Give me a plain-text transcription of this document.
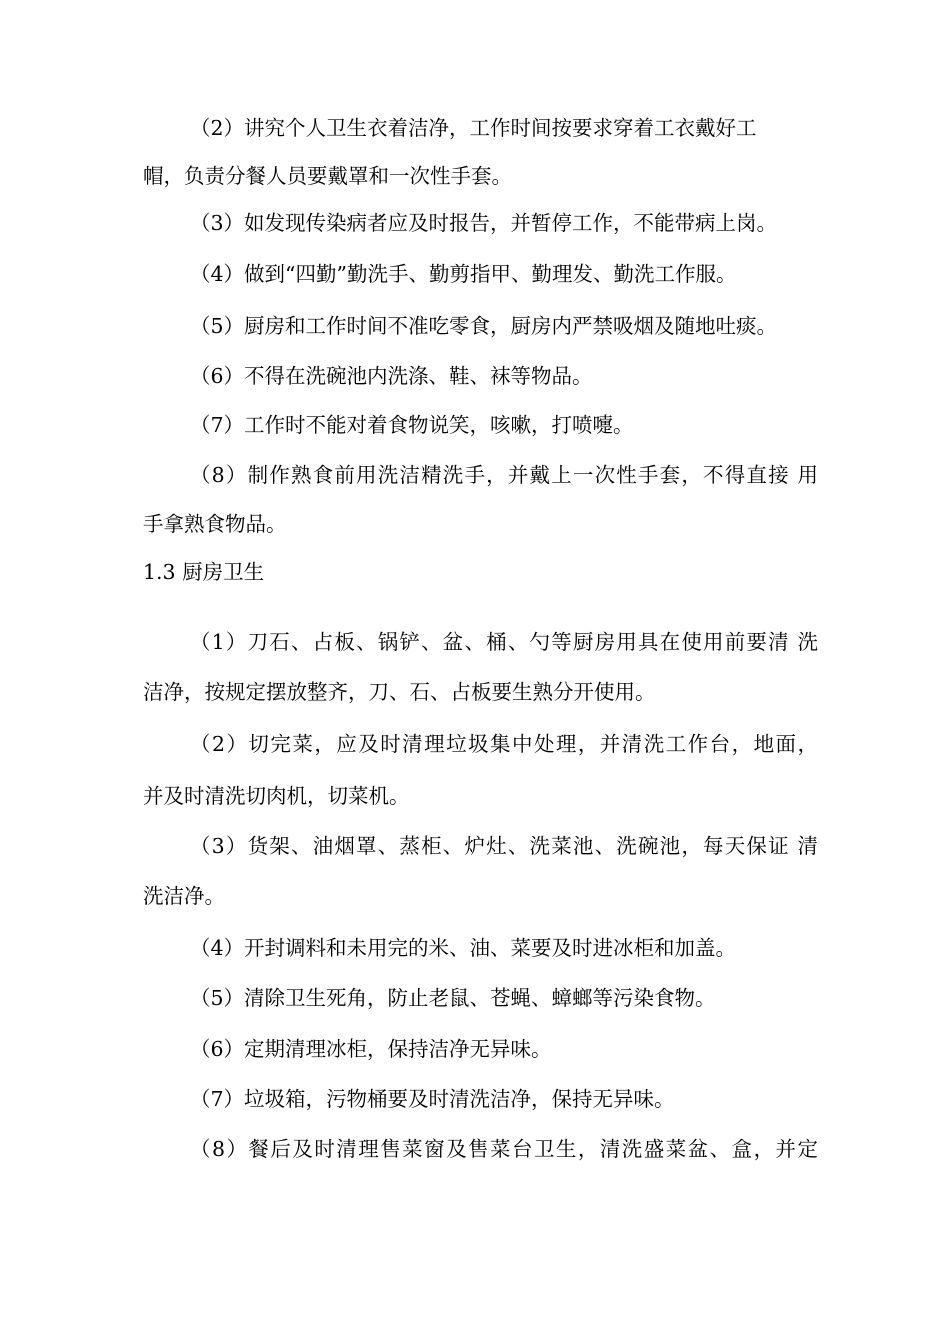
（2）讲究个人卫生衣着洁净，工作时间按要求穿着工衣戴好工
帽，负责分餐人员要戴罩和一次性手套。
（3）如发现传染病者应及时报告，并暂停工作，不能带病上岗。
（4）做到“四勤”勤洗手、勤剪指甲、勤理发、勤洗工作服。
（5）厨房和工作时间不准吃零食，厨房内严禁吸烟及随地吐痰。
（6）不得在洗碗池内洗涤、鞋、袜等物品。
（7）工作时不能对着食物说笑，咳嗽，打喷嚏。
（8）制作熟食前用洗洁精洗手，并戴上一次性手套，不得直接 用
手拿熟食物品。
1.3 厨房卫生
（1）刀石、占板、锅铲、盆、桶、勺等厨房用具在使用前要清 洗
洁净，按规定摆放整齐，刀、石、占板要生熟分开使用。
（2）切完菜，应及时清理垃圾集中处理，并清洗工作台，地面，
并及时清洗切肉机，切菜机。
（3）货架、油烟罩、蒸柜、炉灶、洗菜池、洗碗池，每天保证 清
洗洁净。
（4）开封调料和未用完的米、油、菜要及时进冰柜和加盖。
（5）清除卫生死角，防止老鼠、苍蝇、蟑螂等污染食物。
（6）定期清理冰柜，保持洁净无异味。
（7）垃圾箱，污物桶要及时清洗洁净，保持无异味。
（8）餐后及时清理售菜窗及售菜台卫生，清洗盛菜盆、盒，并定
